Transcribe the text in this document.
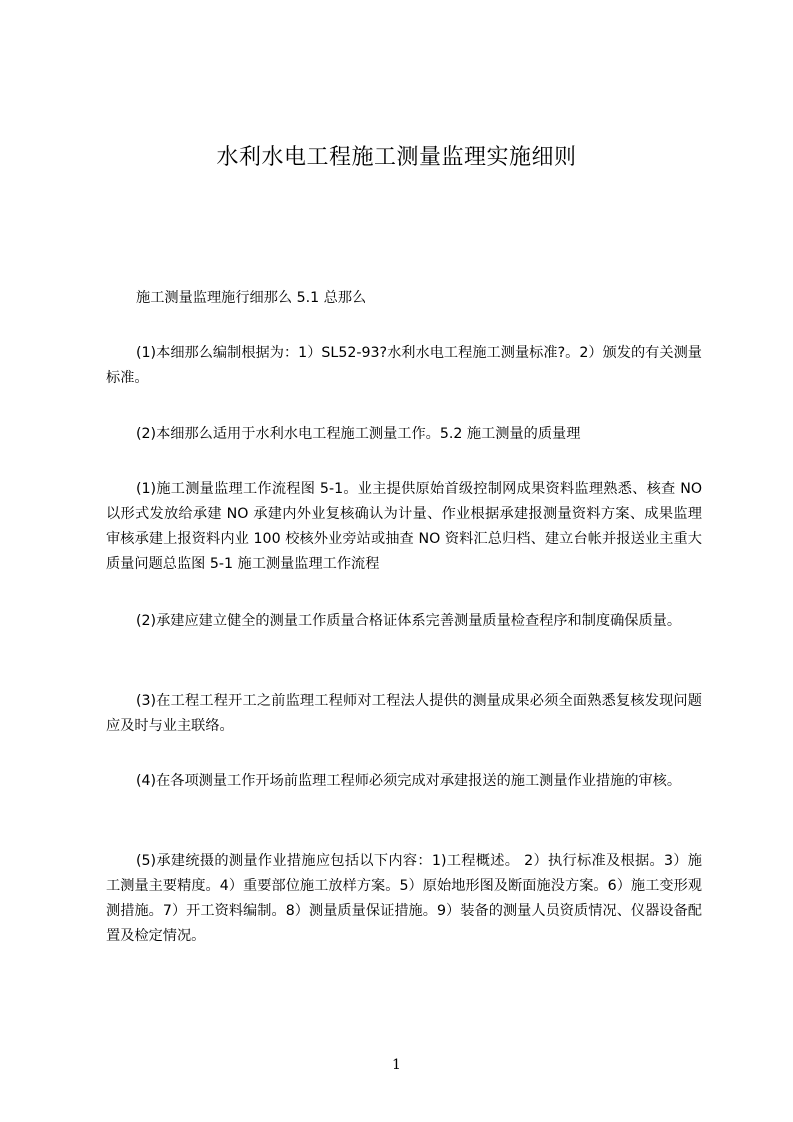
水利水电工程施工测量监理实施细则
施工测量监理施行细那么 5.1 总那么
(1)本细那么编制根据为：1）SL52-93?水利水电工程施工测量标准?。2）颁发的有关测量标准。
(2)本细那么适用于水利水电工程施工测量工作。5.2 施工测量的质量理
(1)施工测量监理工作流程图 5-1。业主提供原始首级控制网成果资料监理熟悉、核查 NO 以形式发放给承建 NO 承建内外业复核确认为计量、作业根据承建报测量资料方案、成果监理审核承建上报资料内业 100 校核外业旁站或抽查 NO 资料汇总归档、建立台帐并报送业主重大质量问题总监图 5-1 施工测量监理工作流程
(2)承建应建立健全的测量工作质量合格证体系完善测量质量检查程序和制度确保质量。
(3)在工程工程开工之前监理工程师对工程法人提供的测量成果必须全面熟悉复核发现问题应及时与业主联络。
(4)在各项测量工作开场前监理工程师必须完成对承建报送的施工测量作业措施的审核。
(5)承建统摄的测量作业措施应包括以下内容：1)工程概述。 2）执行标准及根据。3）施工测量主要精度。4）重要部位施工放样方案。5）原始地形图及断面施没方案。6）施工变形观测措施。7）开工资料编制。8）测量质量保证措施。9）装备的测量人员资质情况、仪器设备配置及检定情况。
1
